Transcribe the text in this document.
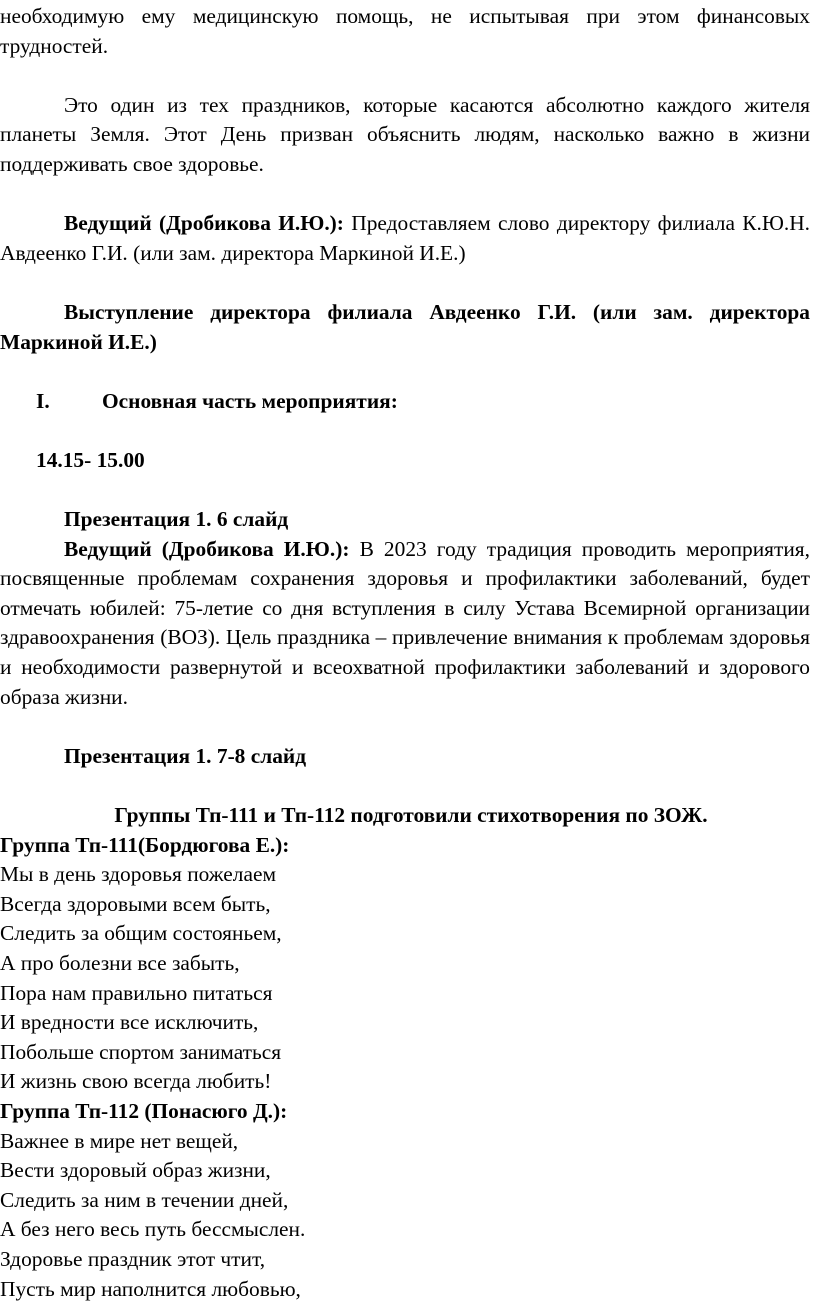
необходимую ему медицинскую помощь, не испытывая при этом финансовых трудностей.

Это один из тех праздников, которые касаются абсолютно каждого жителя планеты Земля. Этот День призван объяснить людям, насколько важно в жизни поддерживать свое здоровье.

Ведущий (Дробикова И.Ю.): Предоставляем слово директору филиала К.Ю.Н. Авдеенко Г.И. (или зам. директора Маркиной И.Е.)

Выступление директора филиала Авдеенко Г.И. (или зам. директора Маркиной И.Е.)

I.	Основная часть мероприятия:
14.15- 15.00

Презентация 1. 6 слайд

Ведущий (Дробикова И.Ю.): В 2023 году традиция проводить мероприятия, посвященные проблемам сохранения здоровья и профилактики заболеваний, будет отмечать юбилей: 75-летие со дня вступления в силу Устава Всемирной организации здравоохранения (ВОЗ). Цель праздника – привлечение внимания к проблемам здоровья и необходимости развернутой и всеохватной профилактики заболеваний и здорового образа жизни.

Презентация 1. 7-8 слайд

Группы Тп-111 и Тп-112 подготовили стихотворения по ЗОЖ.

Группа Тп-111(Бордюгова Е.):

Мы в день здоровья пожелаем

Всегда здоровыми всем быть,

Следить за общим состояньем,

А про болезни все забыть,

Пора нам правильно питаться

И вредности все исключить,

Побольше спортом заниматься

И жизнь свою всегда любить!

Группа Тп-112 (Понасюго Д.):

Важнее в мире нет вещей,

Вести здоровый образ жизни,

Следить за ним в течении дней,

А без него весь путь бессмыслен.

Здоровье праздник этот чтит,

Пусть мир наполнится любовью,
